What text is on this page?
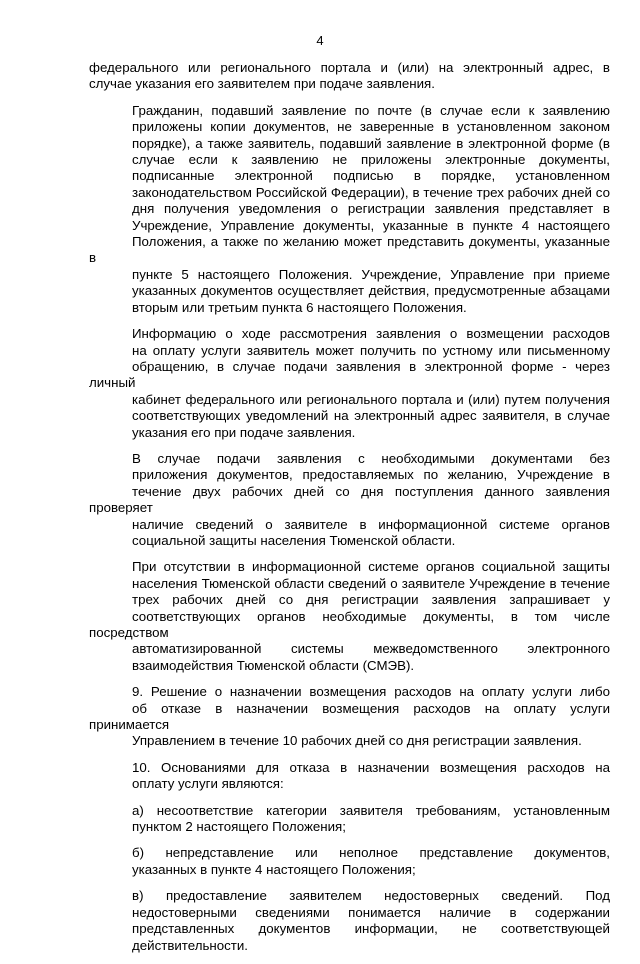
4

федерального или регионального портала и (или) на электронный адрес, в
случае указания его заявителем при подаче заявления.

Гражданин, подавший заявление по почте (в случае если к заявлению
приложены копии документов, не заверенные в установленном законом
порядке), а также заявитель, подавший заявление в электронной форме (в
случае если к заявлению не приложены электронные документы,
подписанные электронной подписью в порядке, установленном
законодательством Российской Федерации), в течение трех рабочих дней со
дня получения уведомления о регистрации заявления представляет в
Учреждение, Управление документы, указанные в пункте 4 настоящего
Положения, а также по желанию может представить документы, указанные в
пункте 5 настоящего Положения. Учреждение, Управление при приеме
указанных документов осуществляет действия, предусмотренные абзацами
вторым или третьим пункта 6 настоящего Положения.

Информацию о ходе рассмотрения заявления о возмещении расходов
на оплату услуги заявитель может получить по устному или письменному
обращению, в случае подачи заявления в электронной форме - через личный
кабинет федерального или регионального портала и (или) путем получения
соответствующих уведомлений на электронный адрес заявителя, в случае
указания его при подаче заявления.

В случае подачи заявления с необходимыми документами без
приложения документов, предоставляемых по желанию, Учреждение в
течение двух рабочих дней со дня поступления данного заявления проверяет
наличие сведений о заявителе в информационной системе органов
социальной защиты населения Тюменской области.

При отсутствии в информационной системе органов социальной защиты
населения Тюменской области сведений о заявителе Учреждение в течение
трех рабочих дней со дня регистрации заявления запрашивает у
соответствующих органов необходимые документы, в том числе посредством
автоматизированной системы межведомственного электронного
взаимодействия Тюменской области (СМЭВ).

9. Решение о назначении возмещения расходов на оплату услуги либо
об отказе в назначении возмещения расходов на оплату услуги принимается
Управлением в течение 10 рабочих дней со дня регистрации заявления.

10. Основаниями для отказа в назначении возмещения расходов на
оплату услуги являются:

а) несоответствие категории заявителя требованиям, установленным
пунктом 2 настоящего Положения;

б) непредставление или неполное представление документов,
указанных в пункте 4 настоящего Положения;

в) предоставление заявителем недостоверных сведений. Под
недостоверными сведениями понимается наличие в содержании
представленных документов информации, не соответствующей
действительности.
